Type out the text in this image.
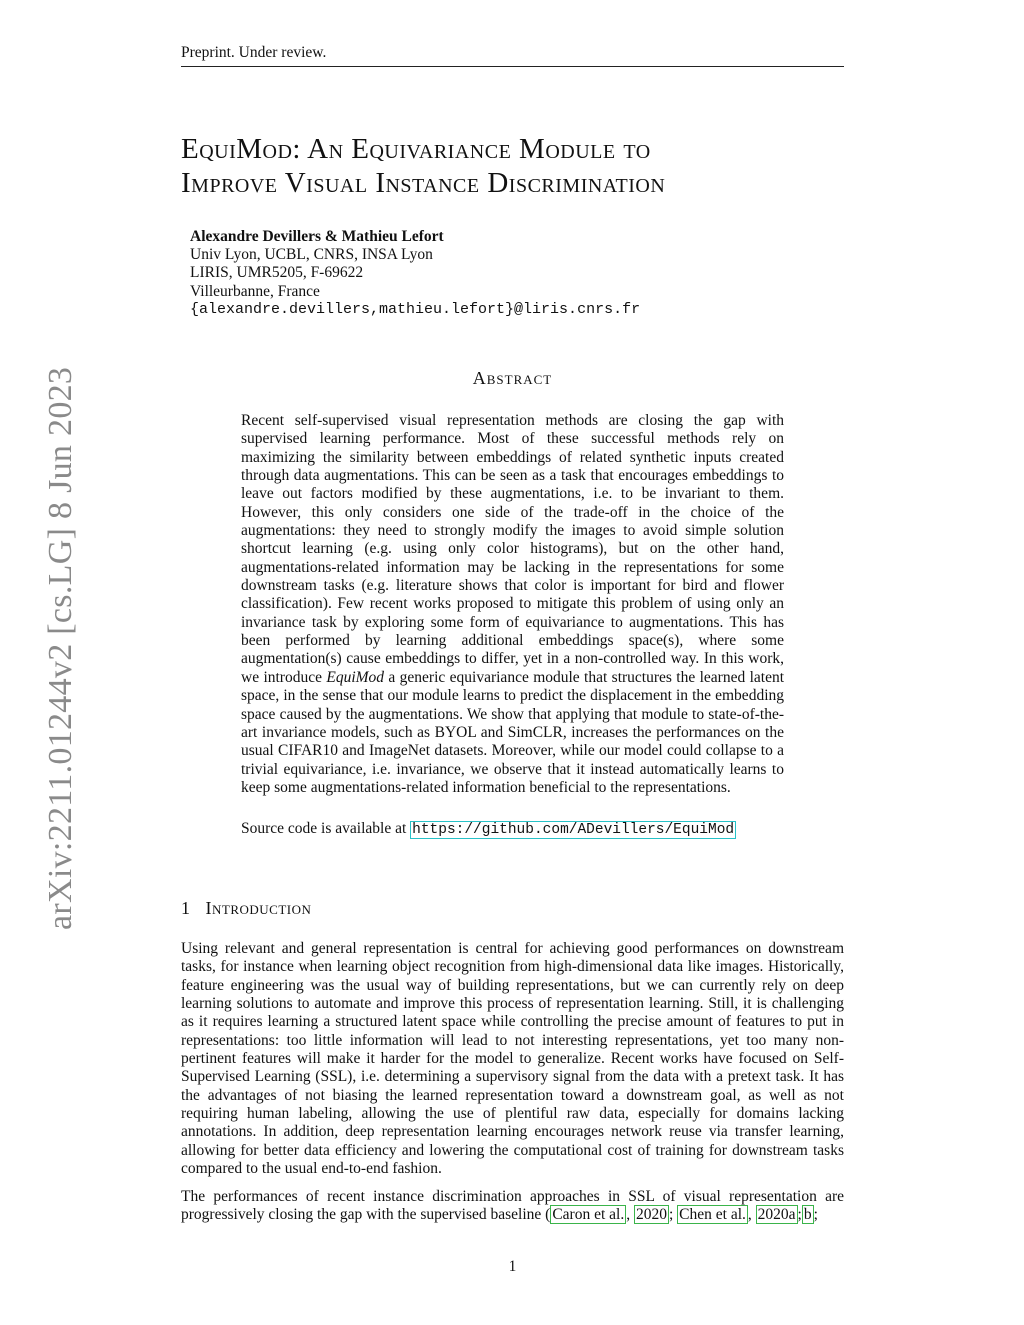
Preprint. Under review.
arXiv:2211.01244v2 [cs.LG] 8 Jun 2023
EquiMod: An Equivariance Module to
Improve Visual Instance Discrimination
Alexandre Devillers & Mathieu Lefort
Univ Lyon, UCBL, CNRS, INSA Lyon
LIRIS, UMR5205, F-69622
Villeurbanne, France
{alexandre.devillers,mathieu.lefort}@liris.cnrs.fr
Abstract
Recent self-supervised visual representation methods are closing the gap with supervised learning performance. Most of these successful methods rely on maximizing the similarity between embeddings of related synthetic inputs created through data augmentations. This can be seen as a task that encourages embeddings to leave out factors modified by these augmentations, i.e. to be invariant to them. However, this only considers one side of the trade-off in the choice of the augmentations: they need to strongly modify the images to avoid simple solution shortcut learning (e.g. using only color histograms), but on the other hand, augmentations-related information may be lacking in the representations for some downstream tasks (e.g. literature shows that color is important for bird and flower classification). Few recent works proposed to mitigate this problem of using only an invariance task by exploring some form of equivariance to augmentations. This has been performed by learning additional embeddings space(s), where some augmentation(s) cause embeddings to differ, yet in a non-controlled way. In this work, we introduce EquiMod a generic equivariance module that structures the learned latent space, in the sense that our module learns to predict the displacement in the embedding space caused by the augmentations. We show that applying that module to state-of-the-art invariance models, such as BYOL and SimCLR, increases the performances on the usual CIFAR10 and ImageNet datasets. Moreover, while our model could collapse to a trivial equivariance, i.e. invariance, we observe that it instead automatically learns to keep some augmentations-related information beneficial to the representations.
Source code is available at https://github.com/ADevillers/EquiMod
1 Introduction
Using relevant and general representation is central for achieving good performances on downstream tasks, for instance when learning object recognition from high-dimensional data like images. Historically, feature engineering was the usual way of building representations, but we can currently rely on deep learning solutions to automate and improve this process of representation learning. Still, it is challenging as it requires learning a structured latent space while controlling the precise amount of features to put in representations: too little information will lead to not interesting representations, yet too many non-pertinent features will make it harder for the model to generalize. Recent works have focused on Self-Supervised Learning (SSL), i.e. determining a supervisory signal from the data with a pretext task. It has the advantages of not biasing the learned representation toward a downstream goal, as well as not requiring human labeling, allowing the use of plentiful raw data, especially for domains lacking annotations. In addition, deep representation learning encourages network reuse via transfer learning, allowing for better data efficiency and lowering the computational cost of training for downstream tasks compared to the usual end-to-end fashion.
The performances of recent instance discrimination approaches in SSL of visual representation are progressively closing the gap with the supervised baseline ( Caron et al. , 2020 ; Chen et al. , 2020a ; b ;
1
